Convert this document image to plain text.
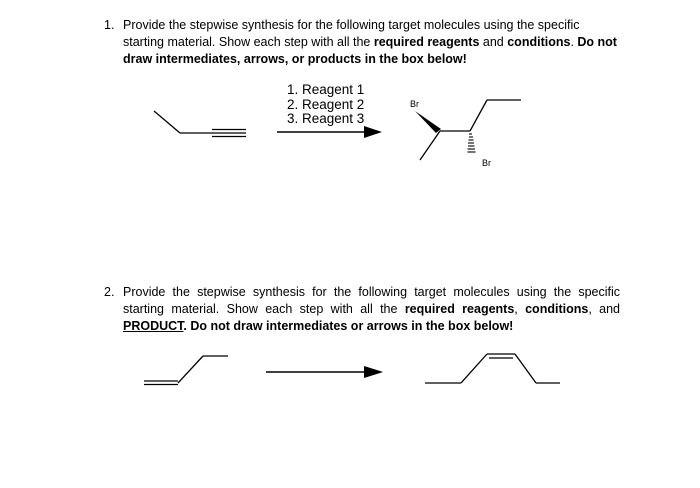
1. Provide the stepwise synthesis for the following target molecules using the specific starting material. Show each step with all the required reagents and conditions. Do not draw intermediates, arrows, or products in the box below!
1. Reagent 1
2. Reagent 2
3. Reagent 3
Br
Br
2. Provide the stepwise synthesis for the following target molecules using the specific starting material. Show each step with all the required reagents, conditions, and PRODUCT. Do not draw intermediates or arrows in the box below!
